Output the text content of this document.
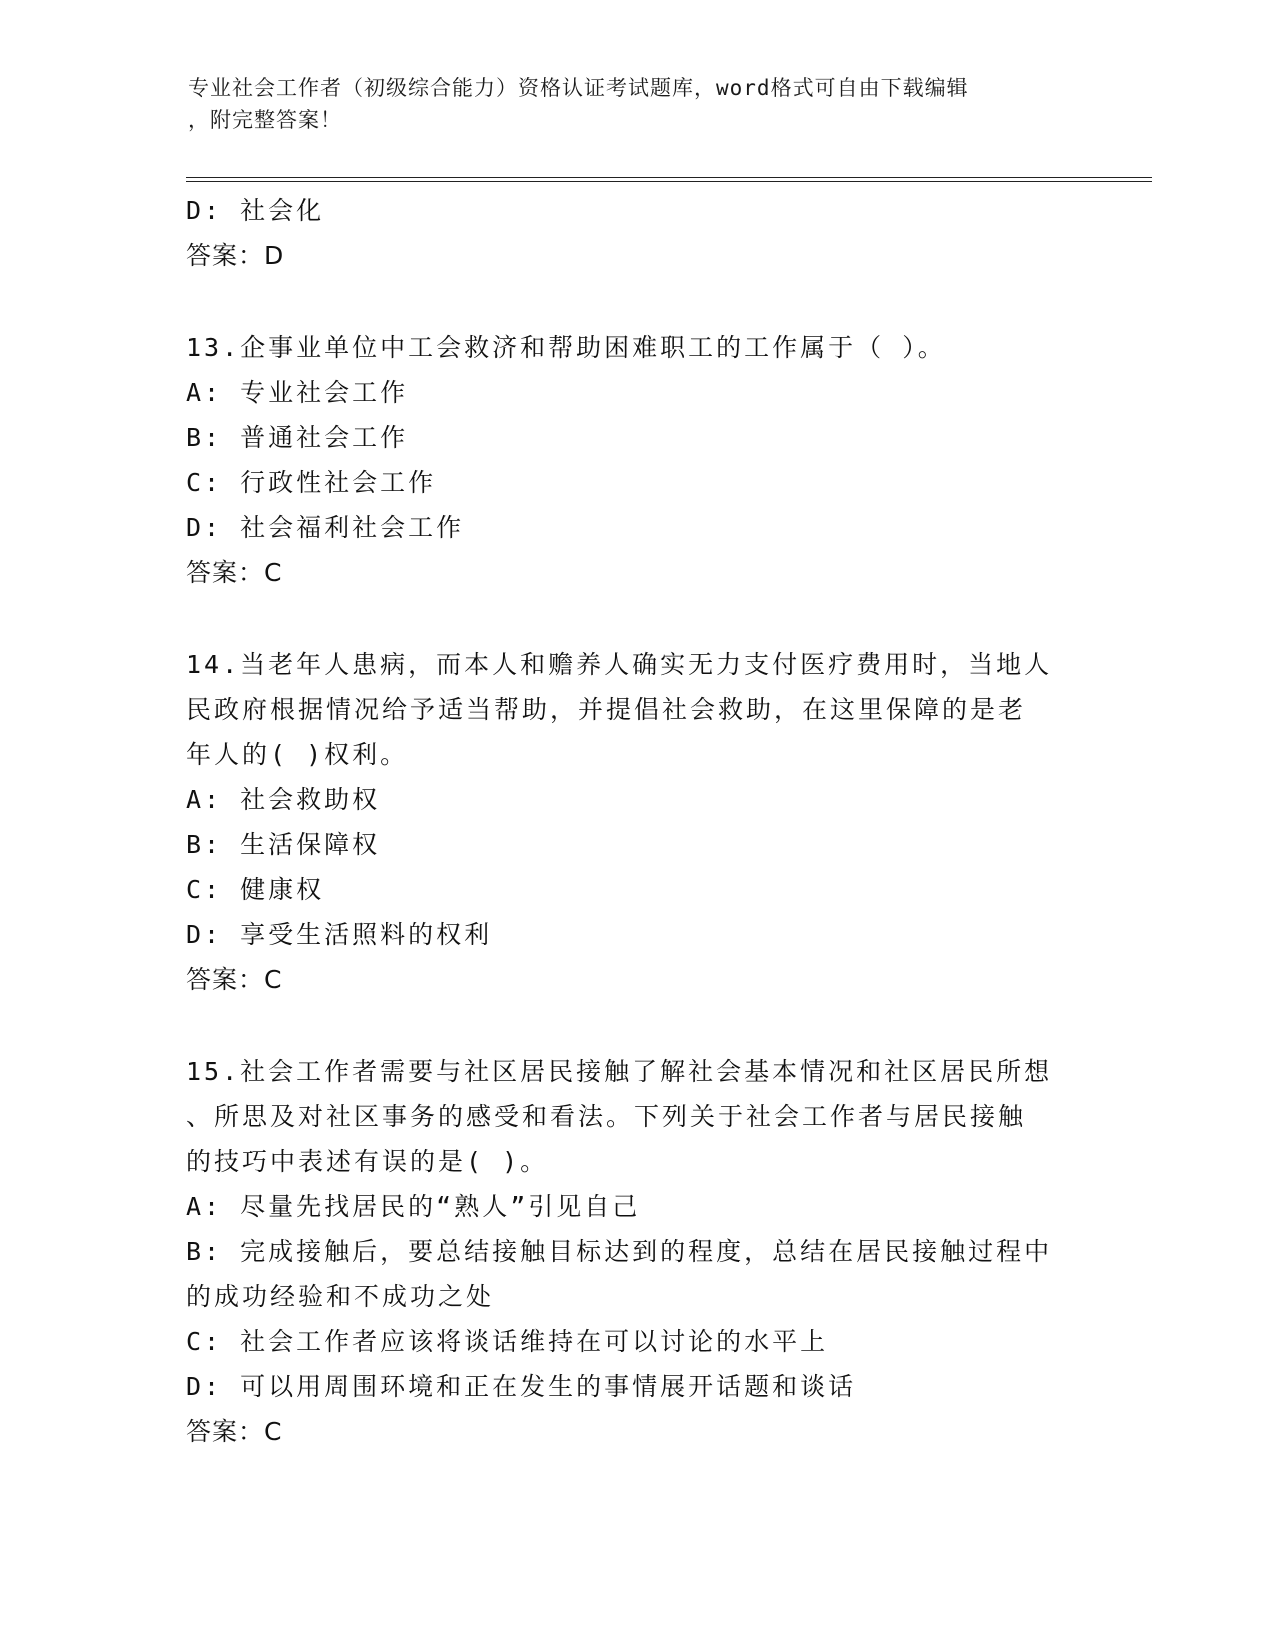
专业社会工作者（初级综合能力）资格认证考试题库，word格式可自由下载编辑
，附完整答案！
D: 社会化
答案：D
13.企事业单位中工会救济和帮助困难职工的工作属于（ ）。
A: 专业社会工作
B: 普通社会工作
C: 行政性社会工作
D: 社会福利社会工作
答案：C
14.当老年人患病，而本人和赡养人确实无力支付医疗费用时，当地人
民政府根据情况给予适当帮助，并提倡社会救助，在这里保障的是老
年人的( )权利。
A: 社会救助权
B: 生活保障权
C: 健康权
D: 享受生活照料的权利
答案：C
15.社会工作者需要与社区居民接触了解社会基本情况和社区居民所想
、所思及对社区事务的感受和看法。下列关于社会工作者与居民接触
的技巧中表述有误的是( )。
A: 尽量先找居民的“熟人”引见自己
B: 完成接触后，要总结接触目标达到的程度，总结在居民接触过程中
的成功经验和不成功之处
C: 社会工作者应该将谈话维持在可以讨论的水平上
D: 可以用周围环境和正在发生的事情展开话题和谈话
答案：C
